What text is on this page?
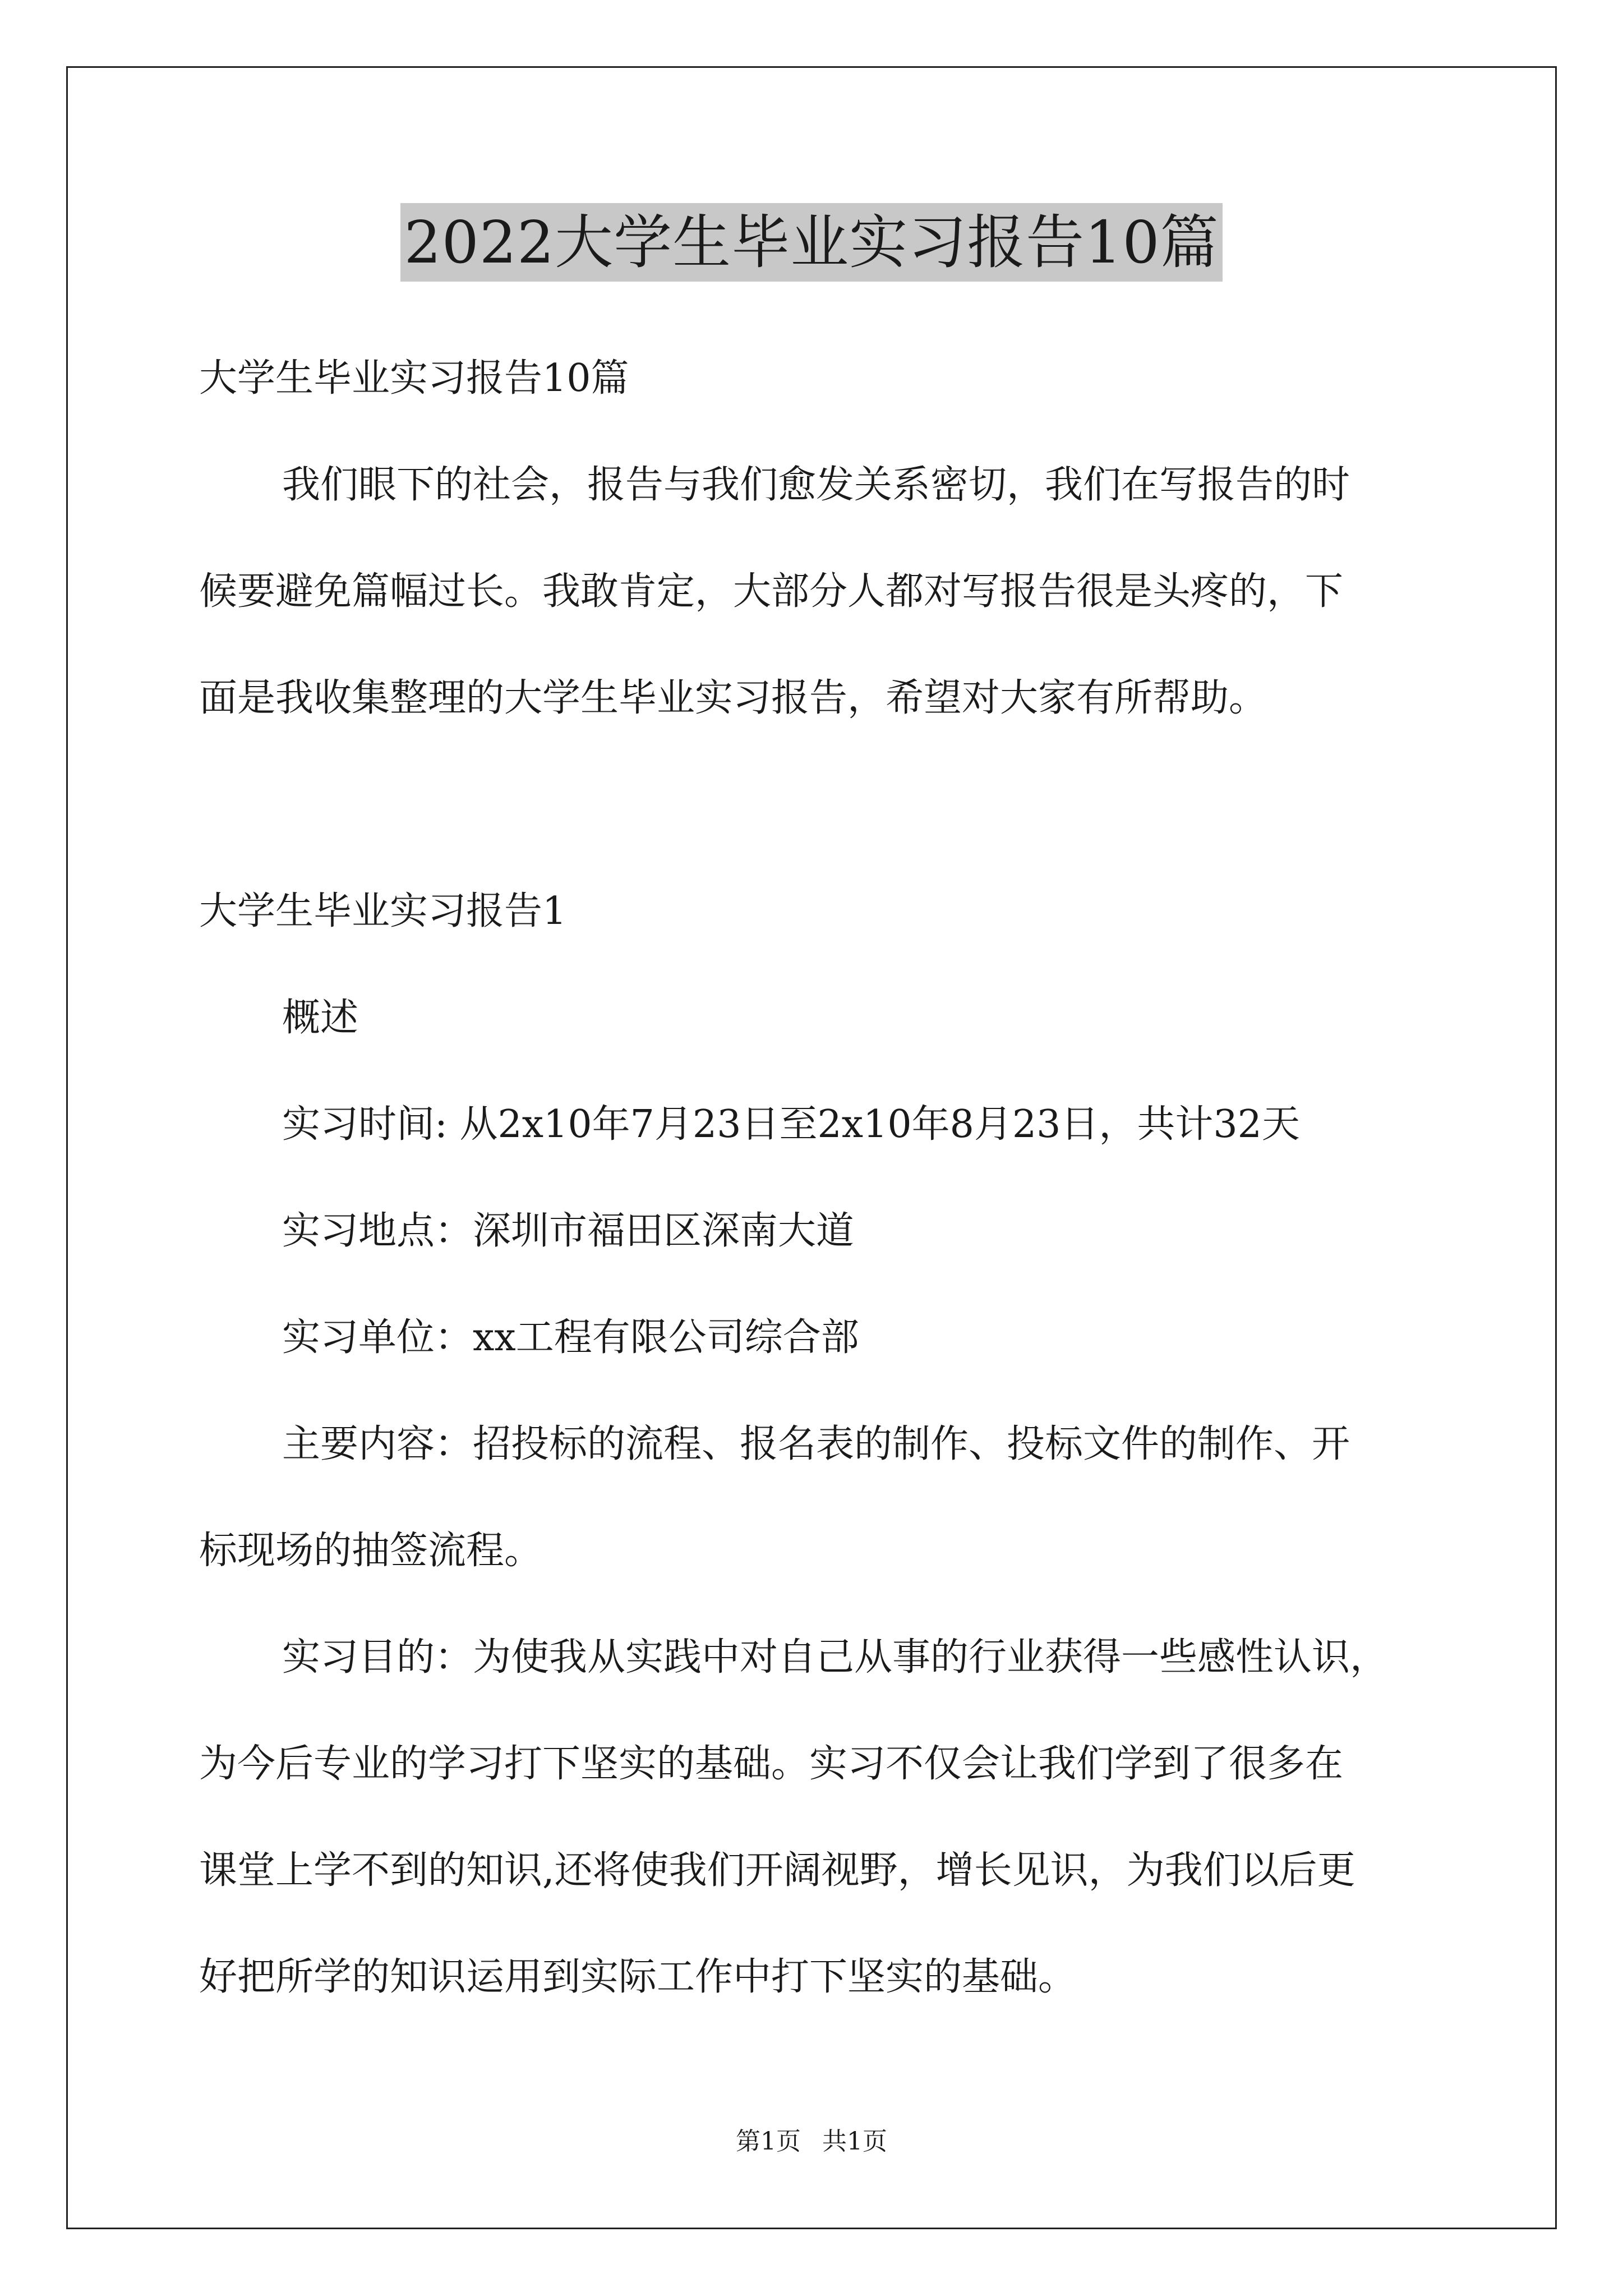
2022大学生毕业实习报告10篇
大学生毕业实习报告10篇
我们眼下的社会，报告与我们愈发关系密切，我们在写报告的时
候要避免篇幅过长。我敢肯定，大部分人都对写报告很是头疼的，下
面是我收集整理的大学生毕业实习报告，希望对大家有所帮助。
大学生毕业实习报告1
概述
实习时间: 从2x10年7月23日至2x10年8月23日，共计32天
实习地点：深圳市福田区深南大道
实习单位：xx工程有限公司综合部
主要内容：招投标的流程、报名表的制作、投标文件的制作、开
标现场的抽签流程。
实习目的：为使我从实践中对自己从事的行业获得一些感性认识，
为今后专业的学习打下坚实的基础。实习不仅会让我们学到了很多在
课堂上学不到的知识,还将使我们开阔视野，增长见识，为我们以后更
好把所学的知识运用到实际工作中打下坚实的基础。
第1页 共1页
